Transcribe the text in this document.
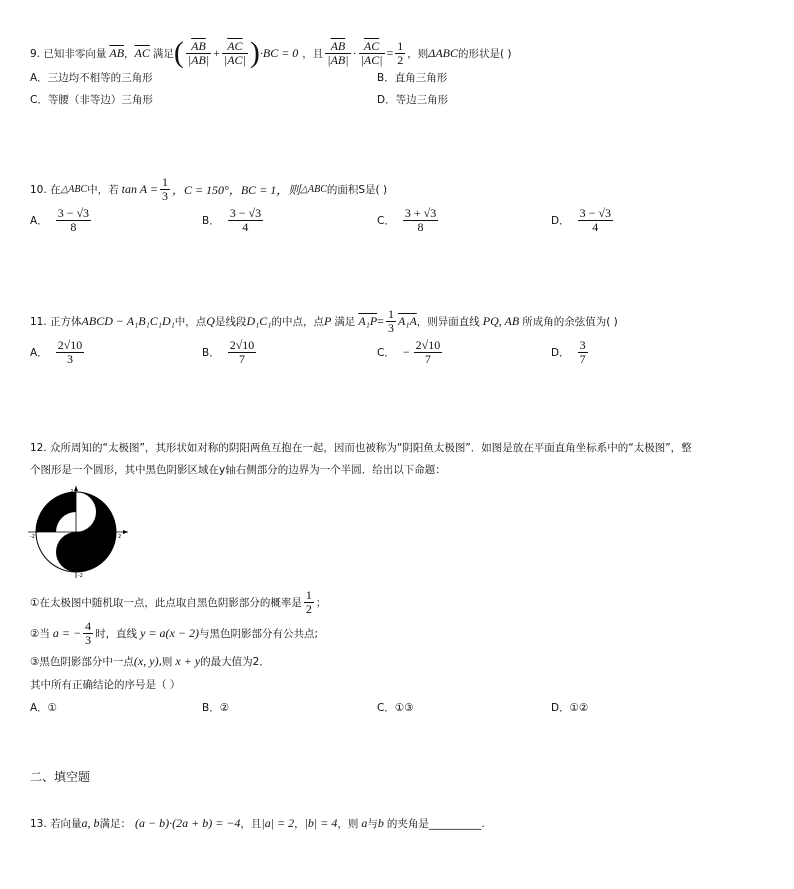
9. 已知非零向量 $\overline{AB}$ ， $\overline{AC}$ 满足 ( $\frac{\overline{AB}}{|AB|} + \frac{\overline{AC}}{|AC|}$ ) ·BC = 0 ，且 $\frac{\overline{AB}}{|AB|} \cdot \frac{\overline{AC}}{|AC|} = \frac{1}{2}$ ，则 ΔABC 的形状是( )
A．三边均不相等的三角形	B．直角三角形
C．等腰（非等边）三角形	D．等边三角形
10. 在 △ABC 中，若 $\tan A = \frac{1}{3}$ ，C = 150°，BC = 1，则 △ABC 的面积S是( )
A． $\frac{3 - √3}{8}$	B． $\frac{3 - √3}{4}$	C． $\frac{3 + √3}{8}$	D． $\frac{3 - √3}{4}$
11. 正方体 ABCD − A₁B₁C₁D₁ 中，点 Q 是线段 D₁C₁ 的中点，点 P 满足 $A_1P = \frac{1}{3} A_1A$ ，则异面直线 PQ, AB 所成角的余弦值为( )
A． $\frac{2√10}{3}$	B． $\frac{2√10}{7}$	C． − $\frac{2√10}{7}$	D． $\frac{3}{7}$
12. 众所周知的“太极图”，其形状如对称的阴阳两鱼互抱在一起，因而也被称为“阴阳鱼太极图”．如图是放在平面直角坐标系中的“太极图”，整
个图形是一个圆形，其中黑色阴影区域在y轴右侧部分的边界为一个半圆．给出以下命题：
2
-2	2
-2
O	1
①在太极图中随机取一点，此点取自黑色阴影部分的概率是 $\frac{1}{2}$ ；
②当 a = − $\frac{4}{3}$ 时，直线 y = a(x − 2) 与黑色阴影部分有公共点;
③黑色阴影部分中一点 (x, y) ,则 x + y 的最大值为2．
其中所有正确结论的序号是（ ）
A．①	B．②	C．①③	D．①②
二、填空题
13. 若向量 a, b 满足： (a − b)·(2a + b) = −4 ，且 |a| = 2 ， |b| = 4 ，则 a 与 b 的夹角是 __________.
